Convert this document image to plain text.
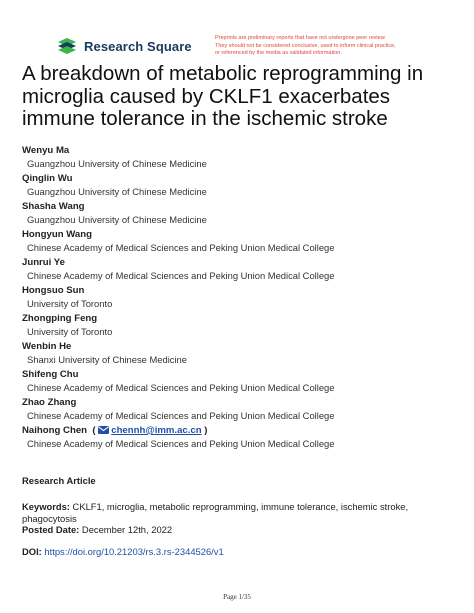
Research Square
Preprints are preliminary reports that have not undergone peer review.
They should not be considered conclusive, used to inform clinical practice,
or referenced by the media as validated information.
A breakdown of metabolic reprogramming in microglia caused by CKLF1 exacerbates immune tolerance in the ischemic stroke
Wenyu Ma
Guangzhou University of Chinese Medicine
Qinglin Wu
Guangzhou University of Chinese Medicine
Shasha Wang
Guangzhou University of Chinese Medicine
Hongyun Wang
Chinese Academy of Medical Sciences and Peking Union Medical College
Junrui Ye
Chinese Academy of Medical Sciences and Peking Union Medical College
Hongsuo Sun
University of Toronto
Zhongping Feng
University of Toronto
Wenbin He
Shanxi University of Chinese Medicine
Shifeng Chu
Chinese Academy of Medical Sciences and Peking Union Medical College
Zhao Zhang
Chinese Academy of Medical Sciences and Peking Union Medical College
Naihong Chen  ( chennh@imm.ac.cn )
Chinese Academy of Medical Sciences and Peking Union Medical College
Research Article
Keywords: CKLF1, microglia, metabolic reprogramming, immune tolerance, ischemic stroke, phagocytosis
Posted Date: December 12th, 2022
DOI: https://doi.org/10.21203/rs.3.rs-2344526/v1
Page 1/35
